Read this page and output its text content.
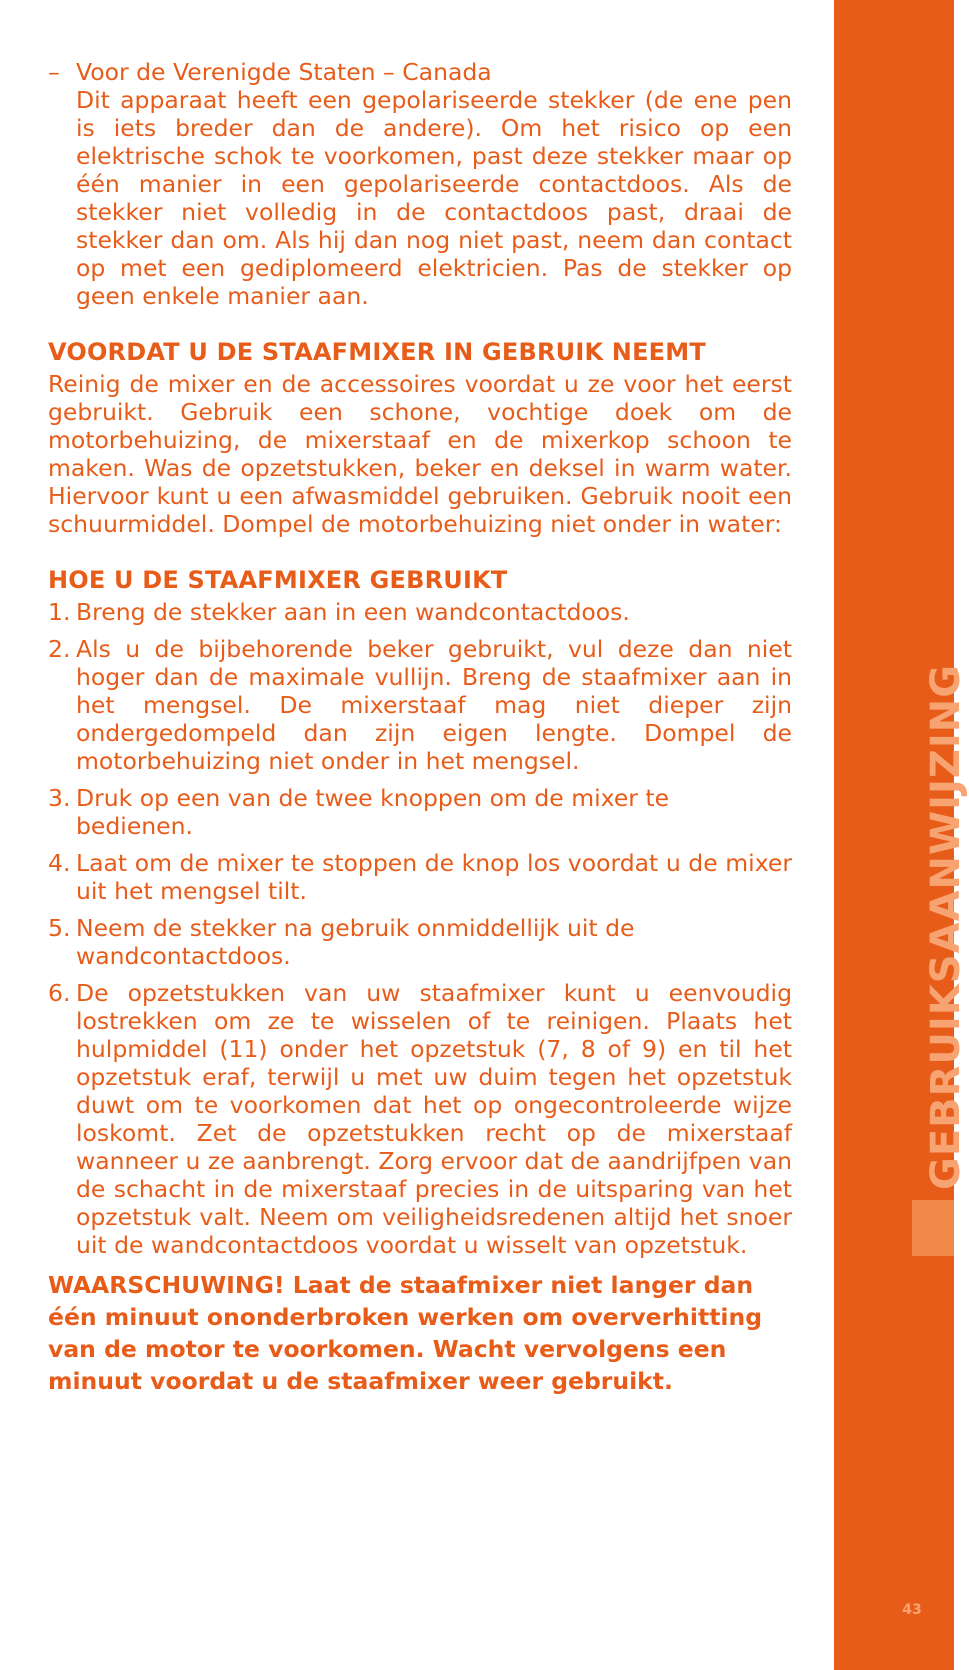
– Voor de Verenigde Staten – Canada

Dit apparaat heeft een gepolariseerde stekker (de ene pen is iets breder dan de andere). Om het risico op een elektrische schok te voorkomen, past deze stekker maar op één manier in een gepolariseerde contactdoos. Als de stekker niet volledig in de contactdoos past, draai de stekker dan om. Als hij dan nog niet past, neem dan contact op met een gediplomeerd elektricien. Pas de stekker op geen enkele manier aan.

VOORDAT U DE STAAFMIXER IN GEBRUIK NEEMT

Reinig de mixer en de accessoires voordat u ze voor het eerst gebruikt. Gebruik een schone, vochtige doek om de motorbehuizing, de mixerstaaf en de mixerkop schoon te maken. Was de opzetstukken, beker en deksel in warm water. Hiervoor kunt u een afwasmiddel gebruiken. Gebruik nooit een schuurmiddel. Dompel de motorbehuizing niet onder in water:

HOE U DE STAAFMIXER GEBRUIKT
1. Breng de stekker aan in een wandcontactdoos.
2. Als u de bijbehorende beker gebruikt, vul deze dan niet hoger dan de maximale vullijn. Breng de staafmixer aan in het mengsel. De mixerstaaf mag niet dieper zijn ondergedompeld dan zijn eigen lengte. Dompel de motorbehuizing niet onder in het mengsel.
3. Druk op een van de twee knoppen om de mixer te bedienen.
4. Laat om de mixer te stoppen de knop los voordat u de mixer uit het mengsel tilt.
5. Neem de stekker na gebruik onmiddellijk uit de wandcontactdoos.
6. De opzetstukken van uw staafmixer kunt u eenvoudig lostrekken om ze te wisselen of te reinigen. Plaats het hulpmiddel (11) onder het opzetstuk (7, 8 of 9) en til het opzetstuk eraf, terwijl u met uw duim tegen het opzetstuk duwt om te voorkomen dat het op ongecontroleerde wijze loskomt. Zet de opzetstukken recht op de mixerstaaf wanneer u ze aanbrengt. Zorg ervoor dat de aandrijfpen van de schacht in de mixerstaaf precies in de uitsparing van het opzetstuk valt. Neem om veiligheidsredenen altijd het snoer uit de wandcontactdoos voordat u wisselt van opzetstuk.

WAARSCHUWING! Laat de staafmixer niet langer dan één minuut ononderbroken werken om oververhitting van de motor te voorkomen. Wacht vervolgens een minuut voordat u de staafmixer weer gebruikt.

GEBRUIKSAANWIJZING
43
